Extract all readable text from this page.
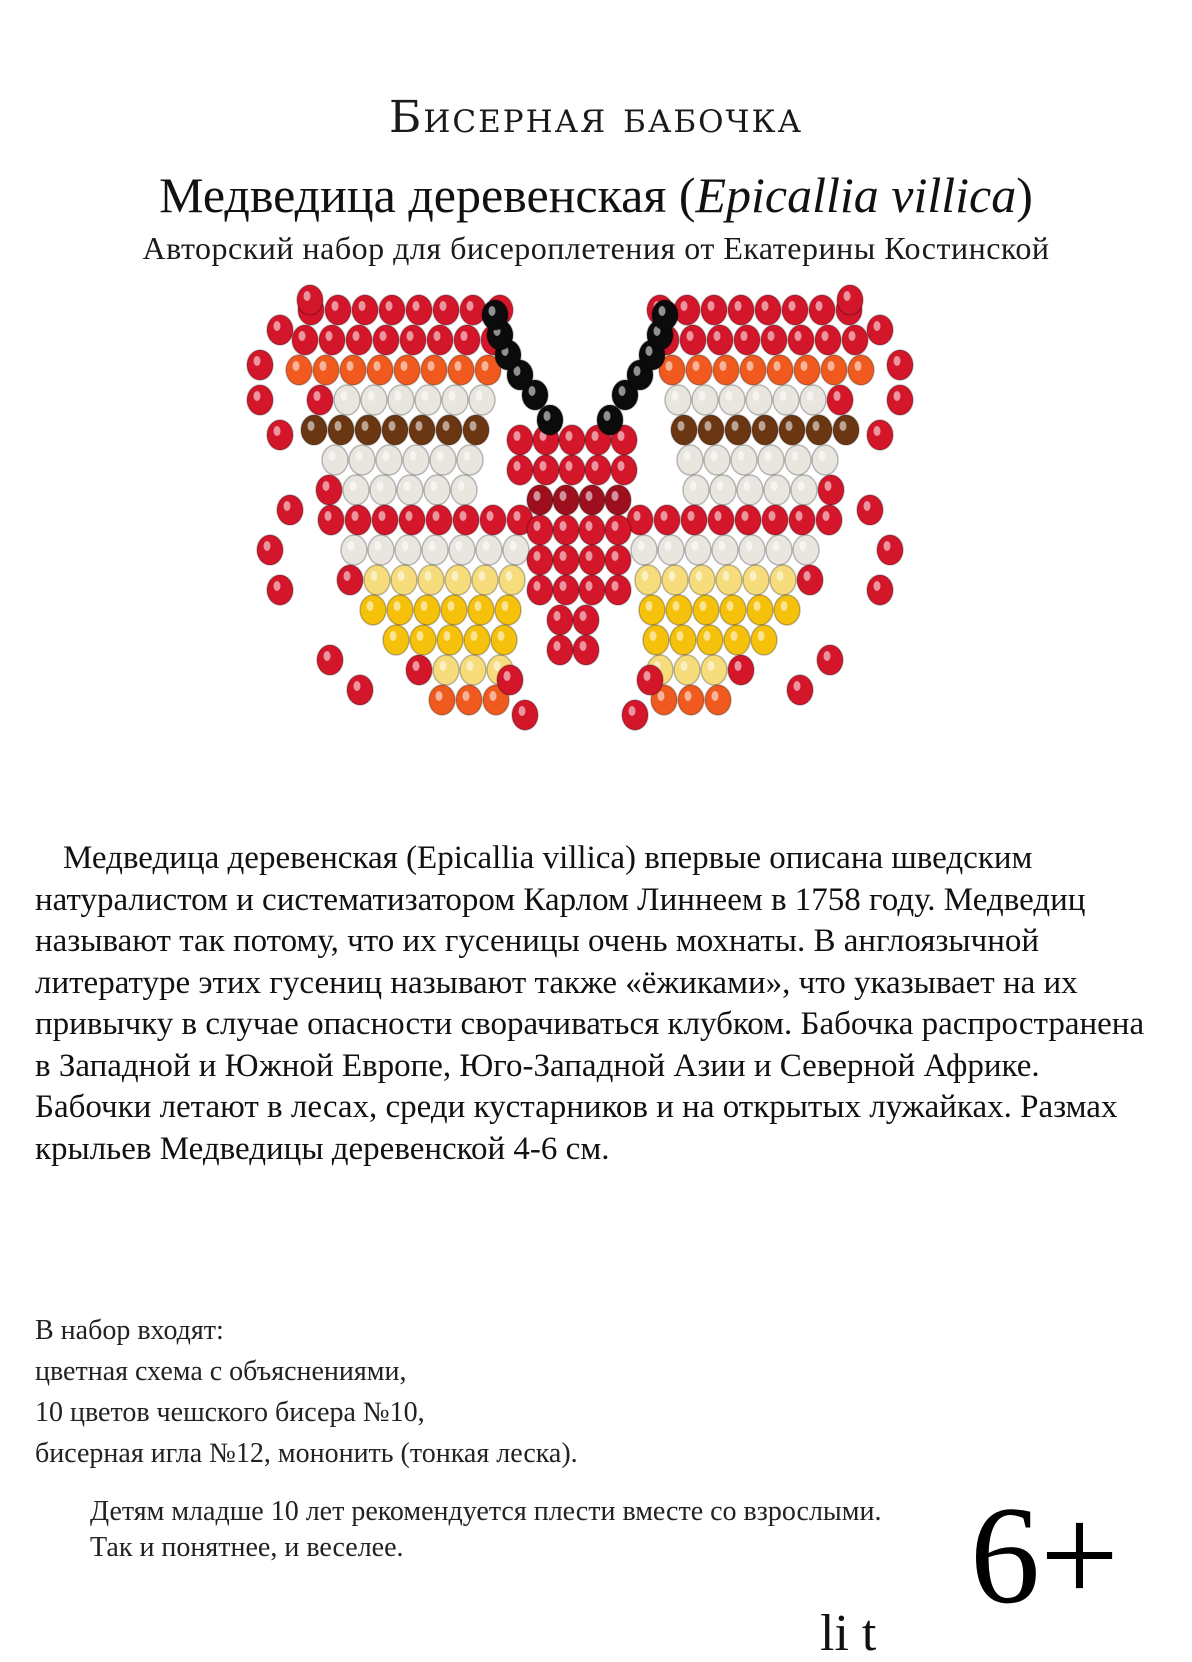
Бисерная бабочка
Медведица деревенская (Epicallia villica)
Авторский набор для бисероплетения от Екатерины Костинской
Медведица деревенская (Epicallia villica) впервые описана шведским натуралистом и систематизатором Карлом Линнеем в 1758 году. Медведиц называют так потому, что их гусеницы очень мохнаты. В англоязычной литературе этих гусениц называют также «ёжиками», что указывает на их привычку в случае опасности сворачиваться клубком. Бабочка распространена в Западной и Южной Европе, Юго-Западной Азии и Северной Африке. Бабочки летают в лесах, среди кустарников и на открытых лужайках. Размах крыльев Медведицы деревенской 4-6 см.
В набор входят:
цветная схема с объяснениями,
10 цветов чешского бисера №10,
бисерная игла №12, мононить (тонкая леска).
Детям младше 10 лет рекомендуется плести вместе со взрослыми.
Так и понятнее, и веселее.	6+
li t
